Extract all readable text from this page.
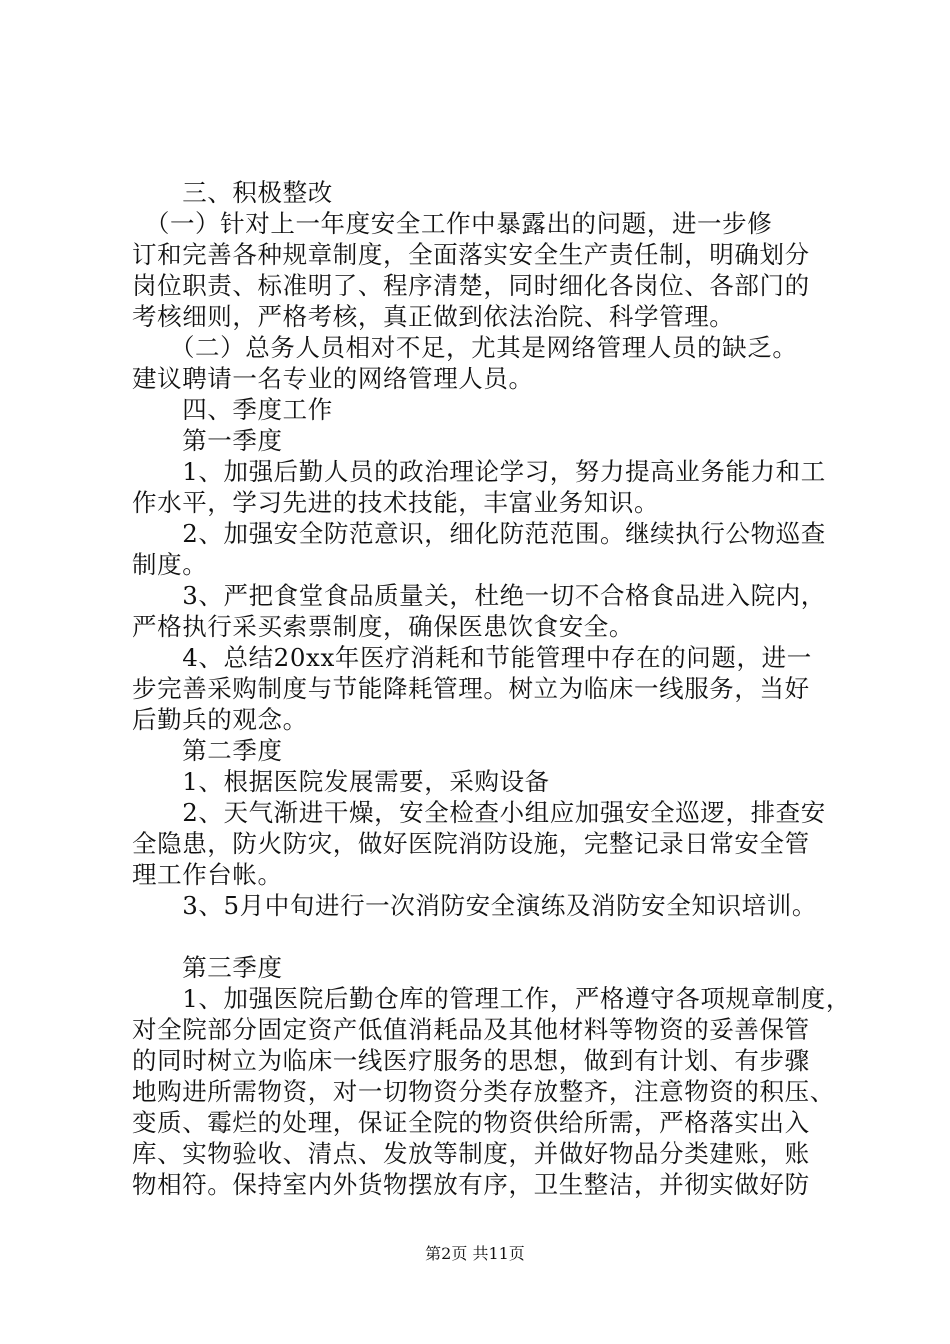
　　三、积极整改
　（一）针对上一年度安全工作中暴露出的问题，进一步修
订和完善各种规章制度，全面落实安全生产责任制，明确划分
岗位职责、标准明了、程序清楚，同时细化各岗位、各部门的
考核细则，严格考核，真正做到依法治院、科学管理。
　　（二）总务人员相对不足，尤其是网络管理人员的缺乏。
建议聘请一名专业的网络管理人员。
　　四、季度工作
　　第一季度
　　1、加强后勤人员的政治理论学习，努力提高业务能力和工
作水平，学习先进的技术技能，丰富业务知识。
　　2、加强安全防范意识，细化防范范围。继续执行公物巡查
制度。
　　3、严把食堂食品质量关，杜绝一切不合格食品进入院内，
严格执行采买索票制度，确保医患饮食安全。
　　4、总结20xx年医疗消耗和节能管理中存在的问题，进一
步完善采购制度与节能降耗管理。树立为临床一线服务，当好
后勤兵的观念。
　　第二季度
　　1、根据医院发展需要，采购设备
　　2、天气渐进干燥，安全检查小组应加强安全巡逻，排查安
全隐患，防火防灾，做好医院消防设施，完整记录日常安全管
理工作台帐。
　　3、5月中旬进行一次消防安全演练及消防安全知识培训。
　　第三季度
　　1、加强医院后勤仓库的管理工作，严格遵守各项规章制度，
对全院部分固定资产低值消耗品及其他材料等物资的妥善保管
的同时树立为临床一线医疗服务的思想，做到有计划、有步骤
地购进所需物资，对一切物资分类存放整齐，注意物资的积压、
变质、霉烂的处理，保证全院的物资供给所需，严格落实出入
库、实物验收、清点、发放等制度，并做好物品分类建账，账
物相符。保持室内外货物摆放有序，卫生整洁，并彻实做好防
第2页 共11页
